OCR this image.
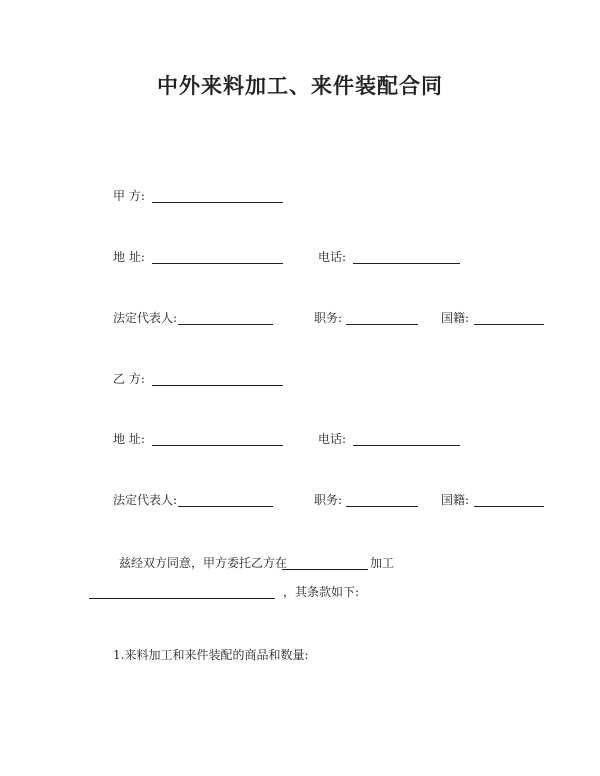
中外来料加工、来件装配合同
甲 方:
地 址:	电话:
法定代表人:	职务:	国籍:
乙 方:
地 址:	电话:
法定代表人:	职务:	国籍:
兹经双方同意，甲方委托乙方在	加工
，其条款如下:
1.来料加工和来件装配的商品和数量:
